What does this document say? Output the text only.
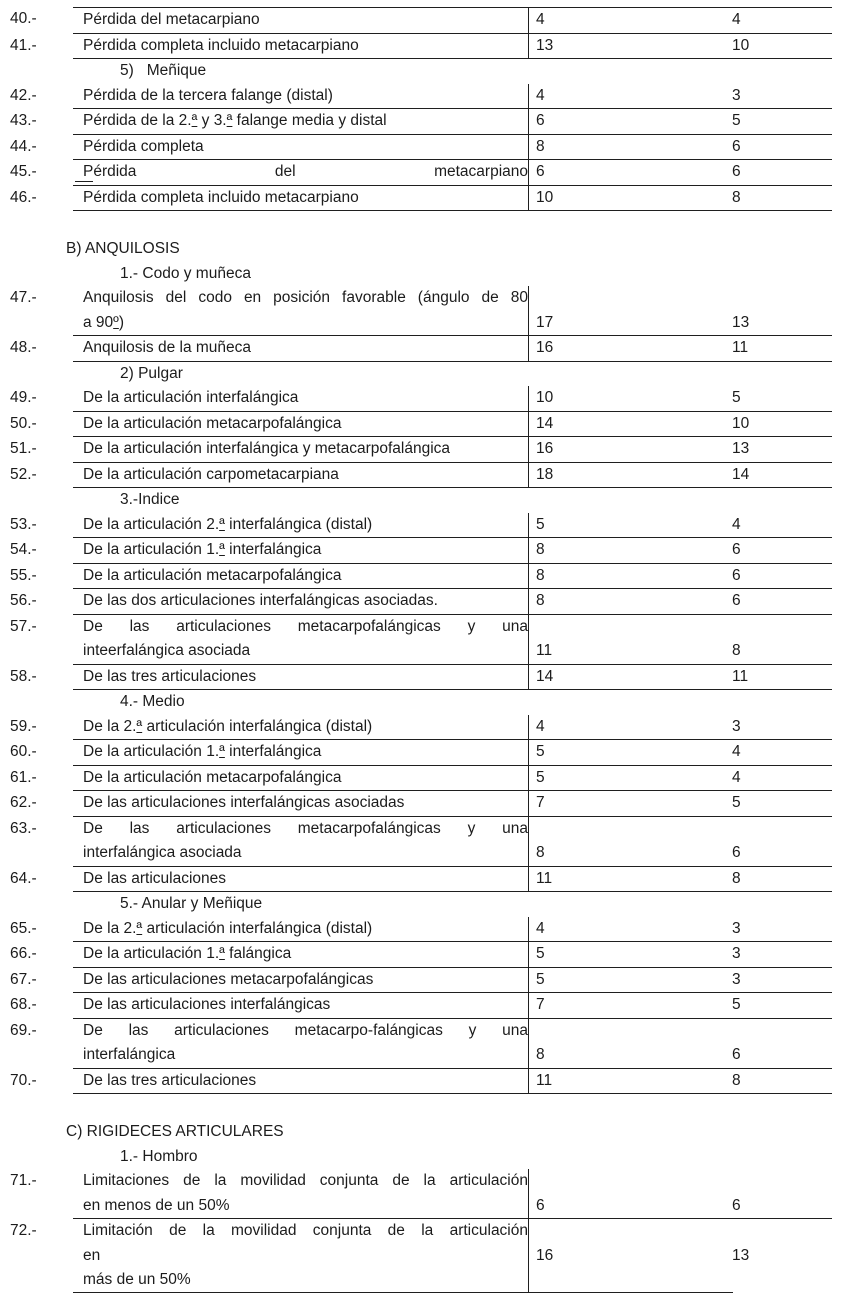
40.-	Pérdida del metacarpiano	4	4
41.-	Pérdida completa incluido metacarpiano	13	10
5)   Meñique
42.-	Pérdida de la tercera falange (distal)	4	3
43.-	Pérdida de la 2.ª y 3.ª falange media y distal	6	5
44.-	Pérdida completa	8	6
45.-	Pérdida del metacarpiano 6	6
46.-	Pérdida completa incluido metacarpiano	10	8
B) ANQUILOSIS
1.- Codo y muñeca
47.-	Anquilosis del codo en posición favorable (ángulo de 80
a 90º)	17	13
48.-	Anquilosis de la muñeca	16	11
2) Pulgar
49.-	De la articulación interfalángica	10	5
50.-	De la articulación metacarpofalángica	14	10
51.-	De la articulación interfalángica y metacarpofalángica	16	13
52.-	De la articulación carpometacarpiana	18	14
3.-Indice
53.-	De la articulación 2.ª interfalángica (distal)	5	4
54.-	De la articulación 1.ª interfalángica	8	6
55.-	De la articulación metacarpofalángica	8	6
56.-	De las dos articulaciones interfalángicas asociadas.	8	6
57.-	De las articulaciones metacarpofalángicas y una
inteerfalángica asociada	11	8
58.-	De las tres articulaciones	14	11
4.- Medio
59.-	De la 2.ª articulación interfalángica (distal)	4	3
60.-	De la articulación 1.ª interfalángica	5	4
61.-	De la articulación metacarpofalángica	5	4
62.-	De las articulaciones interfalángicas asociadas	7	5
63.-	De las articulaciones metacarpofalángicas y una
interfalángica asociada	8	6
64.-	De las articulaciones	11	8
5.- Anular y Meñique
65.-	De la 2.ª articulación interfalángica (distal)	4	3
66.-	De la articulación 1.ª falángica	5	3
67.-	De las articulaciones metacarpofalángicas	5	3
68.-	De las articulaciones interfalángicas	7	5
69.-	De las articulaciones metacarpo-falángicas y una
interfalángica	8	6
70.-	De las tres articulaciones	11	8
C) RIGIDECES ARTICULARES
1.- Hombro
71.-	Limitaciones de la movilidad conjunta de la articulación
en menos de un 50%	6	6
72.-	Limitación de la movilidad conjunta de la articulación
en
más de un 50%
16	13
